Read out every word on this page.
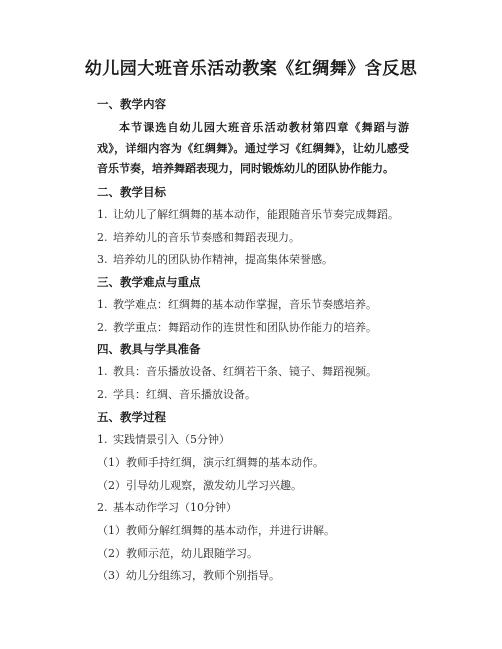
幼儿园大班音乐活动教案《红绸舞》含反思
一、教学内容
本节课选自幼儿园大班音乐活动教材第四章《舞蹈与游戏》，详细内容为《红绸舞》。通过学习《红绸舞》，让幼儿感受音乐节奏，培养舞蹈表现力，同时锻炼幼儿的团队协作能力。
二、教学目标
1. 让幼儿了解红绸舞的基本动作，能跟随音乐节奏完成舞蹈。
2. 培养幼儿的音乐节奏感和舞蹈表现力。
3. 培养幼儿的团队协作精神，提高集体荣誉感。
三、教学难点与重点
1. 教学难点：红绸舞的基本动作掌握，音乐节奏感培养。
2. 教学重点：舞蹈动作的连贯性和团队协作能力的培养。
四、教具与学具准备
1. 教具：音乐播放设备、红绸若干条、镜子、舞蹈视频。
2. 学具：红绸、音乐播放设备。
五、教学过程
1. 实践情景引入（5分钟）
（1）教师手持红绸，演示红绸舞的基本动作。
（2）引导幼儿观察，激发幼儿学习兴趣。
2. 基本动作学习（10分钟）
（1）教师分解红绸舞的基本动作，并进行讲解。
（2）教师示范，幼儿跟随学习。
（3）幼儿分组练习，教师个别指导。
